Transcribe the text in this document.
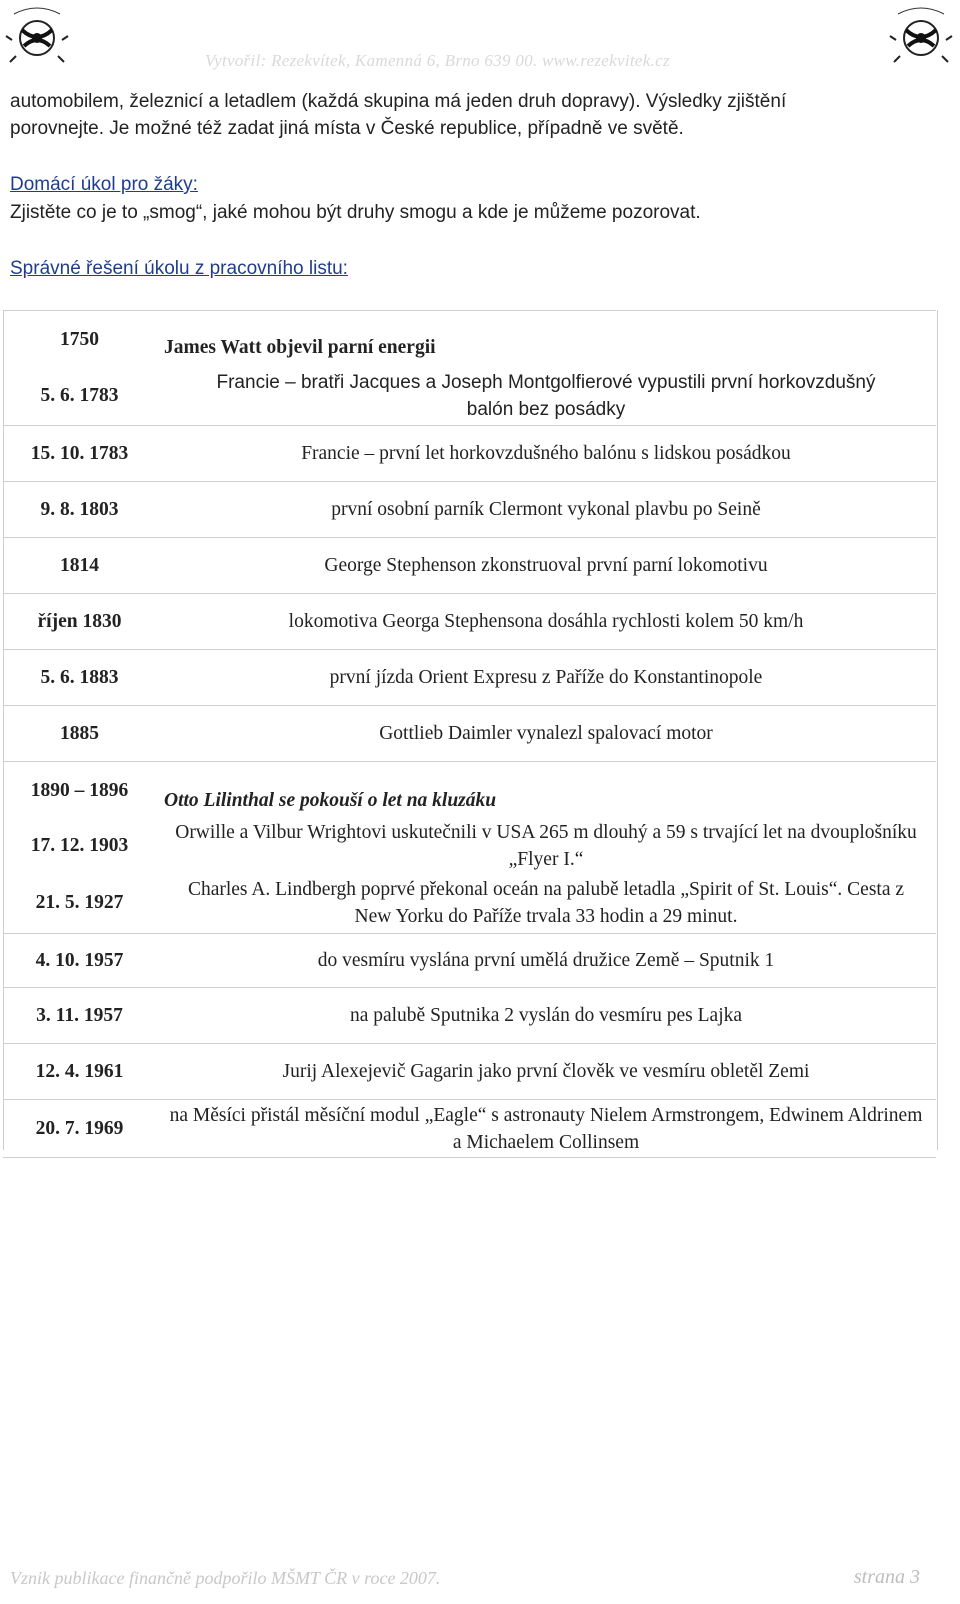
Vytvořil: Rezekvítek, Kamenná 6, Brno 639 00. www.rezekvitek.cz

automobilem, železnicí a letadlem (každá skupina má jeden druh dopravy). Výsledky zjištění

porovnejte. Je možné též zadat jiná místa v České republice, případně ve světě.

Domácí úkol pro žáky:
Zjistěte co je to „smog“, jaké mohou být druhy smogu a kde je můžeme pozorovat.
Správné řešení úkolu z pracovního listu:
1750	James Watt objevil parní energii
5. 6. 1783	Francie – bratři Jacques a Joseph Montgolfierové vypustili první horkovzdušný balón bez posádky
15. 10. 1783	Francie – první let horkovzdušného balónu s lidskou posádkou
9. 8. 1803	první osobní parník Clermont vykonal plavbu po Seině
1814	George Stephenson zkonstruoval první parní lokomotivu
říjen 1830	lokomotiva Georga Stephensona dosáhla rychlosti kolem 50 km/h
5. 6. 1883	první jízda Orient Expresu z Paříže do Konstantinopole
1885	Gottlieb Daimler vynalezl spalovací motor
1890 – 1896	Otto Lilinthal se pokouší o let na kluzáku
17. 12. 1903	Orwille a Vilbur Wrightovi uskutečnili v USA 265 m dlouhý a 59 s trvající let na dvouplošníku „Flyer I.“
21. 5. 1927	Charles A. Lindbergh poprvé překonal oceán na palubě letadla „Spirit of St. Louis“. Cesta z New Yorku do Paříže trvala 33 hodin a 29 minut.
4. 10. 1957	do vesmíru vyslána první umělá družice Země – Sputnik 1
3. 11. 1957	na palubě Sputnika 2 vyslán do vesmíru pes Lajka
12. 4. 1961	Jurij Alexejevič Gagarin jako první člověk ve vesmíru obletěl Zemi
20. 7. 1969	na Měsíci přistál měsíční modul „Eagle“ s astronauty Nielem Armstrongem, Edwinem Aldrinem a Michaelem Collinsem
Vznik publikace finančně podpořilo MŠMT ČR v roce 2007.	strana 3
